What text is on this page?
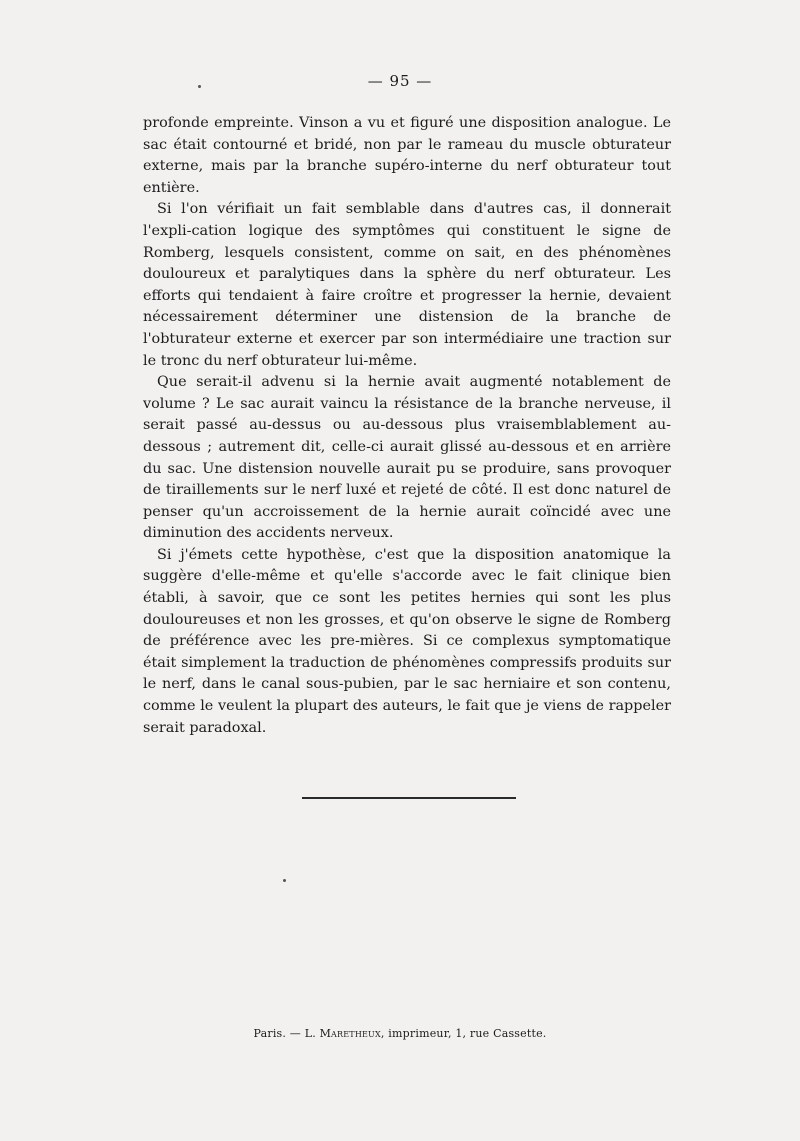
— 95 —

profonde empreinte. Vinson a vu et figuré une disposition analogue. Le sac était contourné et bridé, non par le rameau du muscle obturateur externe, mais par la branche supéro-interne du nerf obturateur tout entière.

Si l'on vérifiait un fait semblable dans d'autres cas, il donnerait l'expli-cation logique des symptômes qui constituent le signe de Romberg, lesquels consistent, comme on sait, en des phénomènes douloureux et paralytiques dans la sphère du nerf obturateur. Les efforts qui tendaient à faire croître et progresser la hernie, devaient nécessairement déterminer une distension de la branche de l'obturateur externe et exercer par son intermédiaire une traction sur le tronc du nerf obturateur lui-même.

Que serait-il advenu si la hernie avait augmenté notablement de volume ? Le sac aurait vaincu la résistance de la branche nerveuse, il serait passé au-dessus ou au-dessous plus vraisemblablement au-dessous ; autrement dit, celle-ci aurait glissé au-dessous et en arrière du sac. Une distension nouvelle aurait pu se produire, sans provoquer de tiraillements sur le nerf luxé et rejeté de côté. Il est donc naturel de penser qu'un accroissement de la hernie aurait coïncidé avec une diminution des accidents nerveux.

Si j'émets cette hypothèse, c'est que la disposition anatomique la suggère d'elle-même et qu'elle s'accorde avec le fait clinique bien établi, à savoir, que ce sont les petites hernies qui sont les plus douloureuses et non les grosses, et qu'on observe le signe de Romberg de préférence avec les pre-mières. Si ce complexus symptomatique était simplement la traduction de phénomènes compressifs produits sur le nerf, dans le canal sous-pubien, par le sac herniaire et son contenu, comme le veulent la plupart des auteurs, le fait que je viens de rappeler serait paradoxal.

Paris. — L. Maretheux, imprimeur, 1, rue Cassette.
